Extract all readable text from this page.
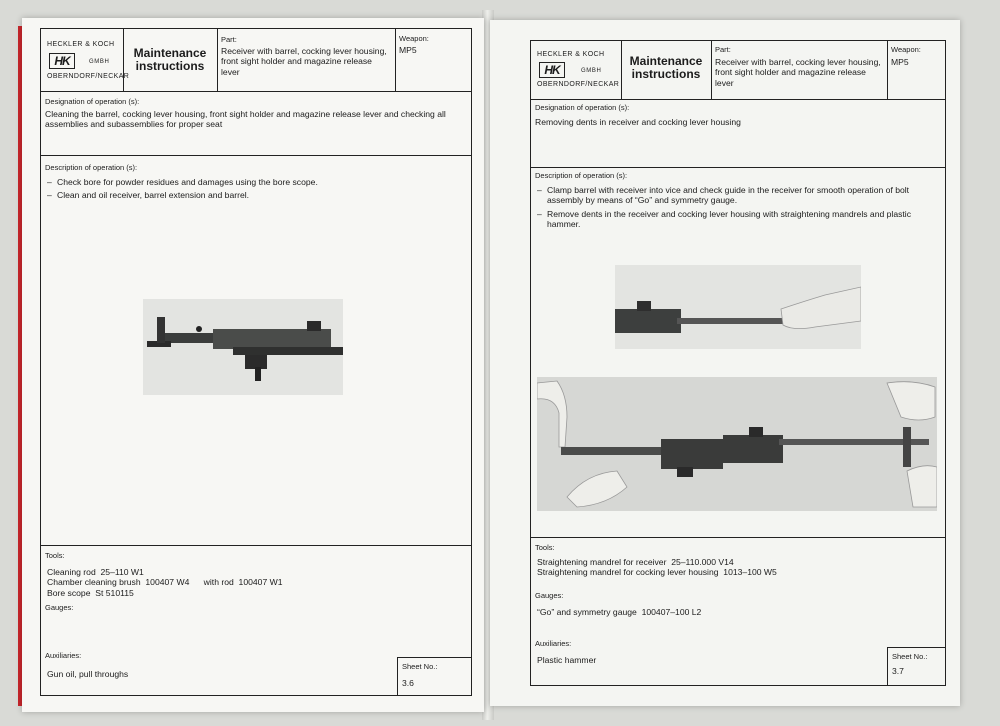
HECKLER & KOCH
HK	GMBH
OBERNDORF/NECKAR
Maintenance instructions
Part:
Receiver with barrel, cocking lever housing, front sight holder and magazine release lever
Weapon:
MP5
Designation of operation (s):
Cleaning the barrel, cocking lever housing, front sight holder and magazine release lever and checking all assemblies and subassemblies for proper seat
Description of operation (s):
– Check bore for powder residues and damages using the bore scope.
– Clean and oil receiver, barrel extension and barrel.
Tools:
Cleaning rod  25–110 W1
Chamber cleaning brush  100407 W4      with rod  100407 W1
Bore scope  St 510115
Gauges:
Auxiliaries:
Gun oil, pull throughs
Sheet No.:
3.6
HECKLER & KOCH
HK	GMBH
OBERNDORF/NECKAR
Maintenance instructions
Part:
Receiver with barrel, cocking lever housing, front sight holder and magazine release lever
Weapon:
MP5
Designation of operation (s):
Removing dents in receiver and cocking lever housing
Description of operation (s):
– Clamp barrel with receiver into vice and check guide in the receiver for smooth operation of bolt assembly by means of “Go” and symmetry gauge.
– Remove dents in the receiver and cocking lever housing with straightening mandrels and plastic hammer.
Tools:
Straightening mandrel for receiver  25–110.000 V14
Straightening mandrel for cocking lever housing  1013–100 W5
Gauges:
“Go” and symmetry gauge  100407–100 L2
Auxiliaries:
Plastic hammer	Sheet No.:
3.7
